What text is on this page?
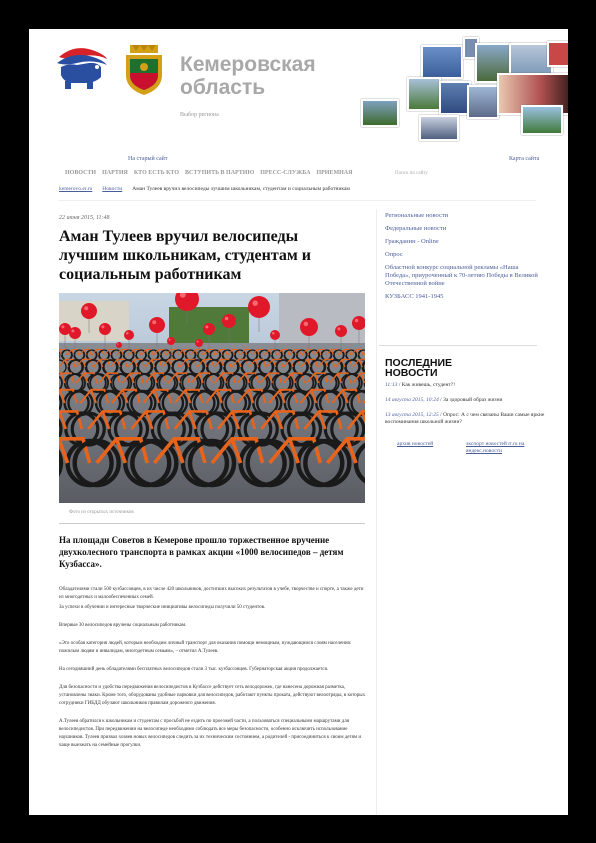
Кемеровская область
Выбор региона
На старый сайт	Карта сайта
НОВОСТИ ПАРТИЯ КТО ЕСТЬ КТО ВСТУПИТЬ В ПАРТИЮ ПРЕСС-СЛУЖБА ПРИЕМНАЯ	Поиск по сайту
kemerovo.er.ru Новости Аман Тулеев вручил велосипеды лучшим школьникам, студентам и социальным работникам
22 июня 2015, 11:48
Аман Тулеев вручил велосипеды лучшим школьникам, студентам и социальным работникам
Фото из открытых источников
На площади Советов в Кемерове прошло торжественное вручение двухколесного транспорта в рамках акции «1000 велосипедов – детям Кузбасса».

Обладателями стали 500 кузбассовцев, в их числе 420 школьников, достигших высоких результатов в учебе, творчестве и спорте, а также дети из многодетных и малообеспеченных семей.

За успехи в обучении и интересные творческие инициативы велосипеды получили 50 студентов.

Впервые 30 велосипедов вручены социальным работникам.

«Это особая категория людей, которым необходим личный транспорт для оказания помощи немощным, нуждающимся слоям населения: пожилым людям и инвалидам, многодетным семьям», – отметил А.Тулеев.

На сегодняшний день обладателями бесплатных велосипедов стали 3 тыс. кузбассовцев. Губернаторская акция продолжается.

Для безопасности и удобства передвижения велосипедистов в Кузбассе действует сеть велодорожек, где нанесена дорожная разметка, установлены знаки. Кроме того, оборудованы удобные парковки для велосипедов, работают пункты проката, действуют велоотряды, в которых сотрудники ГИБДД обучают школьников правилам дорожного движения.

А.Тулеев обратился к школьникам и студентам с просьбой не ездить по проезжей части, а пользоваться специальными маршрутами для велосипедистов. При передвижении на велосипеде необходимо соблюдать все меры безопасности, особенно исключить использование наушников. Тулеев призвал хозяев новых велосипедов следить за их техническим состоянием, а родителей - присоединиться к своим детям и чаще выезжать на семейные прогулки.

Региональные новости
Федеральные новости
Гражданин - Online
Опрос
Областной конкурс социальной рекламы «Наша Победа», приуроченный к 70-летию Победы в Великой Отечественной войне
КУЗБАСС 1941-1945
ПОСЛЕДНИЕ НОВОСТИ
11:13 / Как живешь, студент?!
14 августа 2015, 10:24 / За здоровый образ жизни
13 августа 2015, 12:25 / Опрос: А с чем связаны Ваши самые яркие воспоминания школьной жизни?
архив новостей	экспорт новостей rr.ru на яндекс.новости
